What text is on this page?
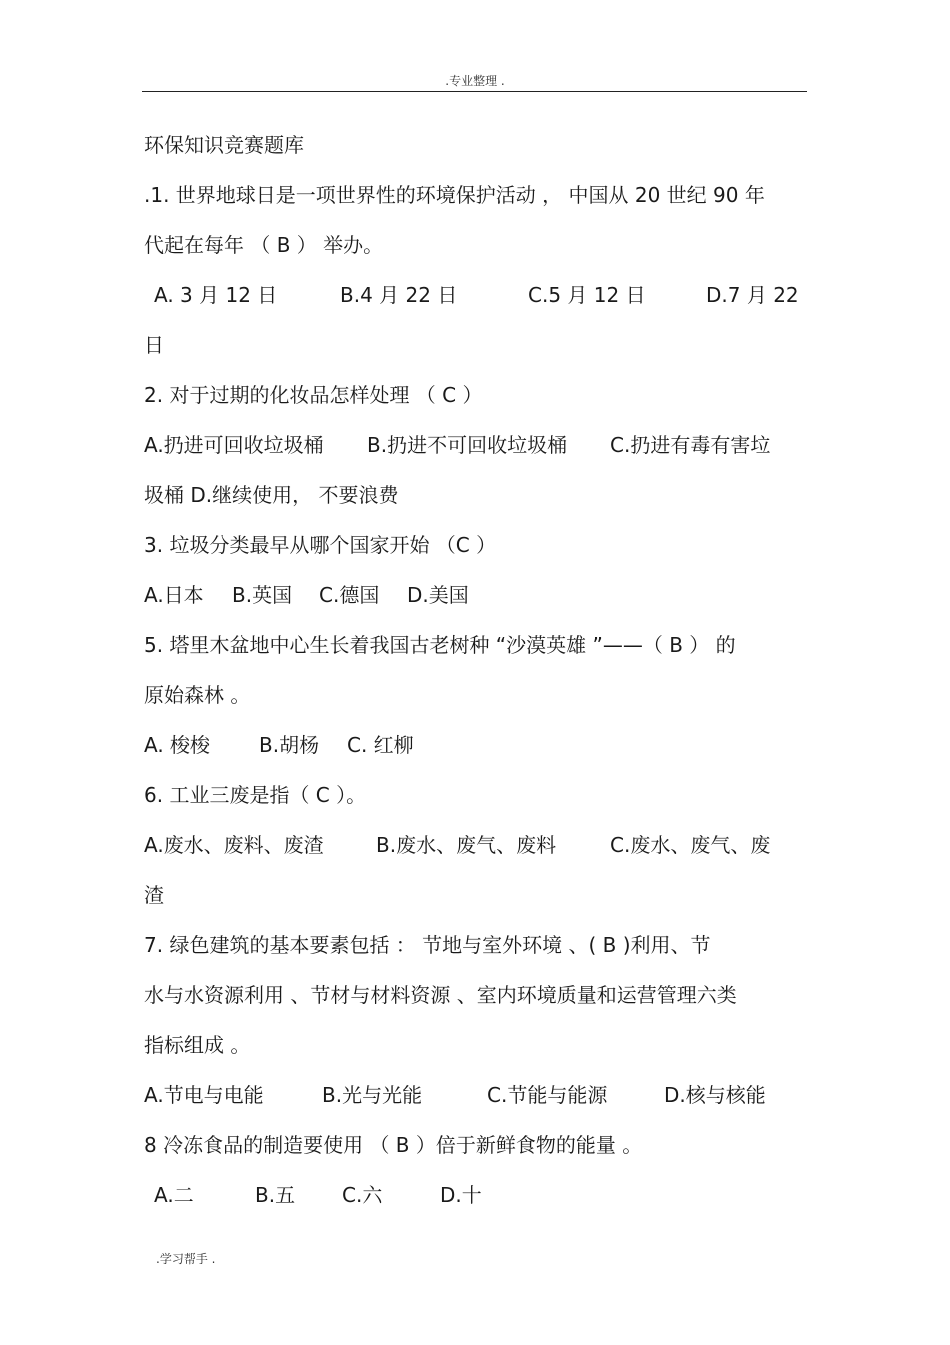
.专业整理 .
环保知识竞赛题库
.1. 世界地球日是一项世界性的环境保护活动 ， 中国从 20 世纪 90 年
代起在每年 （ B ） 举办。
A. 3 月 12 日	B.4 月 22 日	C.5 月 12 日	D.7 月 22
日
2. 对于过期的化妆品怎样处理 （ C ）
A.扔进可回收垃圾桶 B.扔进不可回收垃圾桶 C.扔进有毒有害垃
圾桶 D.继续使用， 不要浪费
3. 垃圾分类最早从哪个国家开始 （C ）
A.日本 B.英国 C.德国 D.美国
5. 塔里木盆地中心生长着我国古老树种 “沙漠英雄 ”——（ B ） 的
原始森林 。
A. 梭梭 B.胡杨 C. 红柳
6. 工业三废是指（ C ）。
A.废水、废料、废渣	B.废水、废气、废料	C.废水、废气、废
渣
7. 绿色建筑的基本要素包括 ： 节地与室外环境 、( B )利用、节
水与水资源利用 、节材与材料资源 、室内环境质量和运营管理六类
指标组成 。
A.节电与电能	B.光与光能	C.节能与能源	D.核与核能
8 冷冻食品的制造要使用 （ B ）倍于新鲜食物的能量 。
A.二	B.五 C.六	D.十
.学习帮手 .
